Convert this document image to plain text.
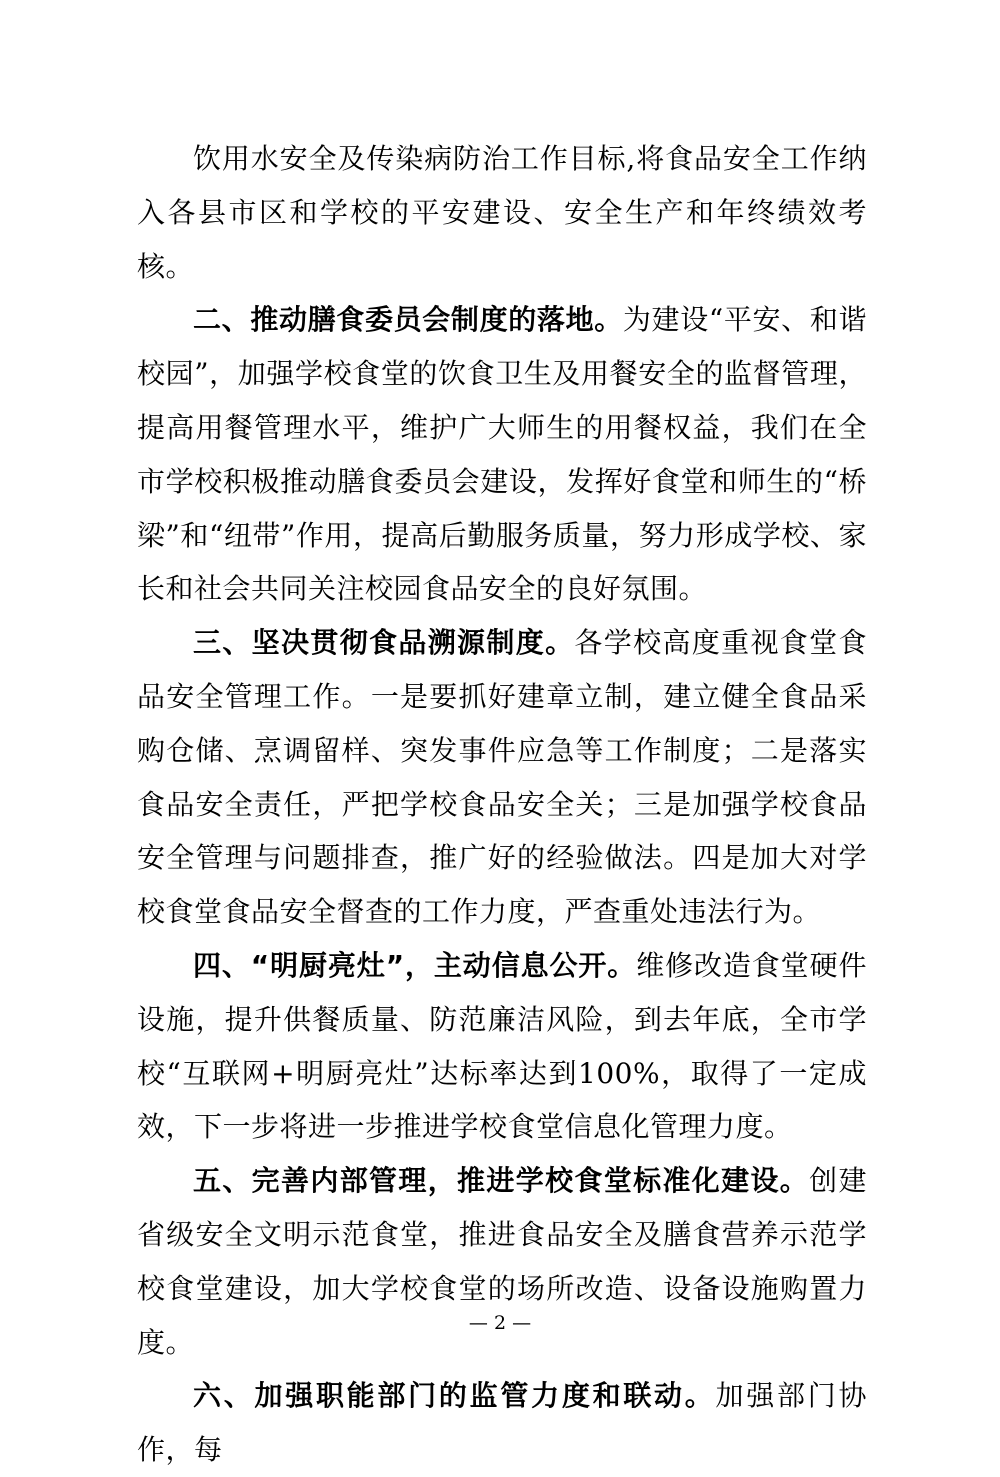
饮用水安全及传染病防治工作目标,将食品安全工作纳入各县市区和学校的平安建设、安全生产和年终绩效考核。

二、推动膳食委员会制度的落地。为建设“平安、和谐校园”，加强学校食堂的饮食卫生及用餐安全的监督管理，提高用餐管理水平，维护广大师生的用餐权益，我们在全市学校积极推动膳食委员会建设，发挥好食堂和师生的“桥梁”和“纽带”作用，提高后勤服务质量，努力形成学校、家长和社会共同关注校园食品安全的良好氛围。

三、坚决贯彻食品溯源制度。各学校高度重视食堂食品安全管理工作。一是要抓好建章立制，建立健全食品采购仓储、烹调留样、突发事件应急等工作制度；二是落实食品安全责任，严把学校食品安全关；三是加强学校食品安全管理与问题排查，推广好的经验做法。四是加大对学校食堂食品安全督查的工作力度，严查重处违法行为。

四、“明厨亮灶”，主动信息公开。维修改造食堂硬件设施，提升供餐质量、防范廉洁风险，到去年底，全市学校“互联网+明厨亮灶”达标率达到100%，取得了一定成效，下一步将进一步推进学校食堂信息化管理力度。

五、完善内部管理，推进学校食堂标准化建设。创建省级安全文明示范食堂，推进食品安全及膳食营养示范学校食堂建设，加大学校食堂的场所改造、设备设施购置力度。

六、加强职能部门的监管力度和联动。加强部门协作，每

— 2 —
